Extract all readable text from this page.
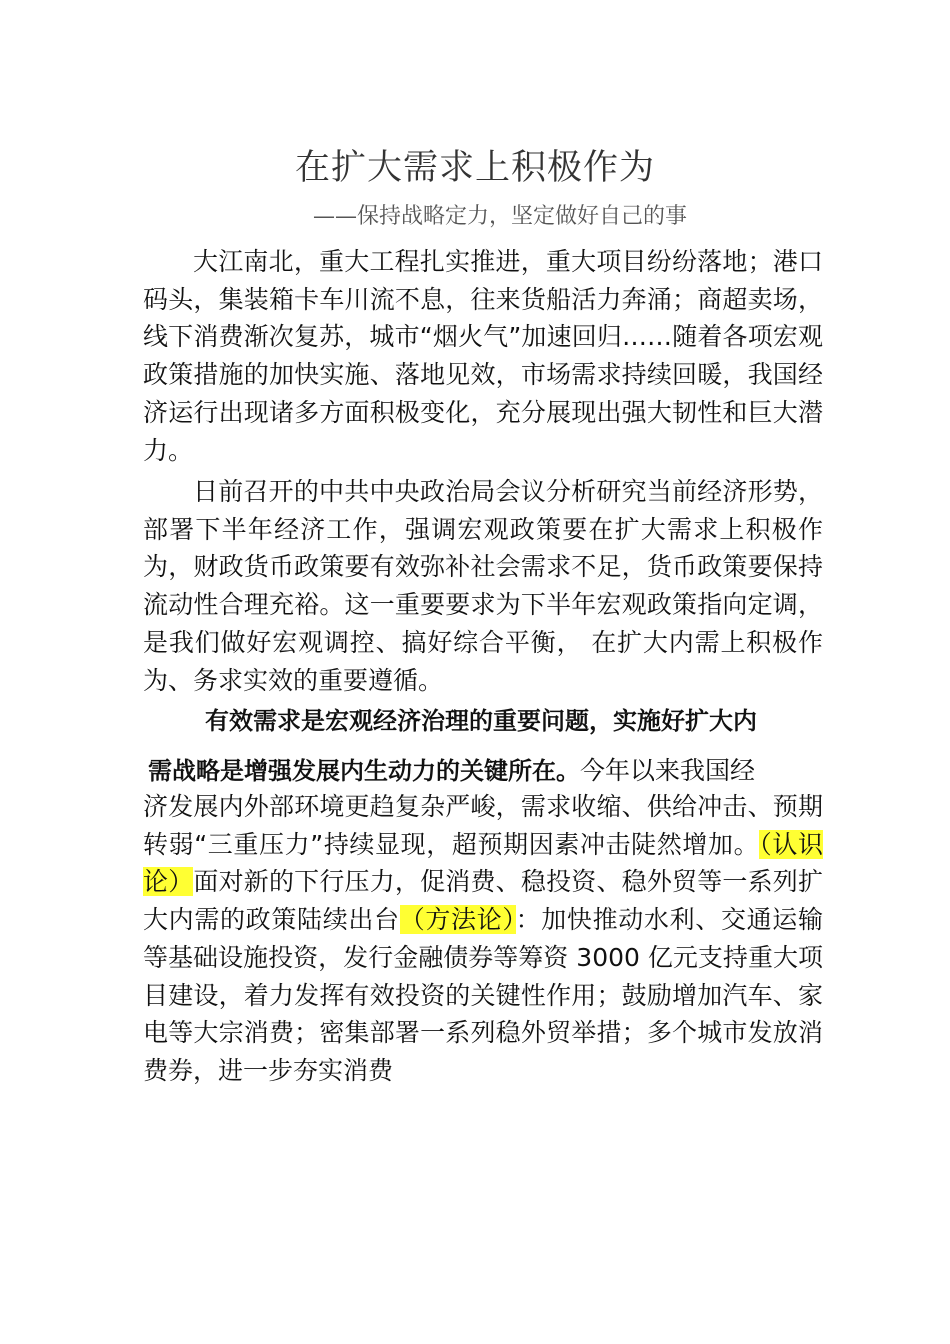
在扩大需求上积极作为
——保持战略定力，坚定做好自己的事

大江南北，重大工程扎实推进，重大项目纷纷落地；港口码头，集装箱卡车川流不息，往来货船活力奔涌；商超卖场，线下消费渐次复苏，城市“烟火气”加速回归……随着各项宏观政策措施的加快实施、落地见效，市场需求持续回暖，我国经济运行出现诸多方面积极变化，充分展现出强大韧性和巨大潜力。

日前召开的中共中央政治局会议分析研究当前经济形势，部署下半年经济工作，强调宏观政策要在扩大需求上积极作为，财政货币政策要有效弥补社会需求不足，货币政策要保持流动性合理充裕。这一重要要求为下半年宏观政策指向定调，是我们做好宏观调控、搞好综合平衡， 在扩大内需上积极作为、务求实效的重要遵循。

有效需求是宏观经济治理的重要问题，实施好扩大内

需战略是增强发展内生动力的关键所在。今年以来我国经

济发展内外部环境更趋复杂严峻，需求收缩、供给冲击、预期转弱“三重压力”持续显现，超预期因素冲击陡然增加。（认识论）面对新的下行压力，促消费、稳投资、稳外贸等一系列扩大内需的政策陆续出台（方法论）：加快推动水利、交通运输等基础设施投资，发行金融债券等筹资 3000 亿元支持重大项目建设，着力发挥有效投资的关键性作用；鼓励增加汽车、家电等大宗消费；密集部署一系列稳外贸举措；多个城市发放消费券，进一步夯实消费
